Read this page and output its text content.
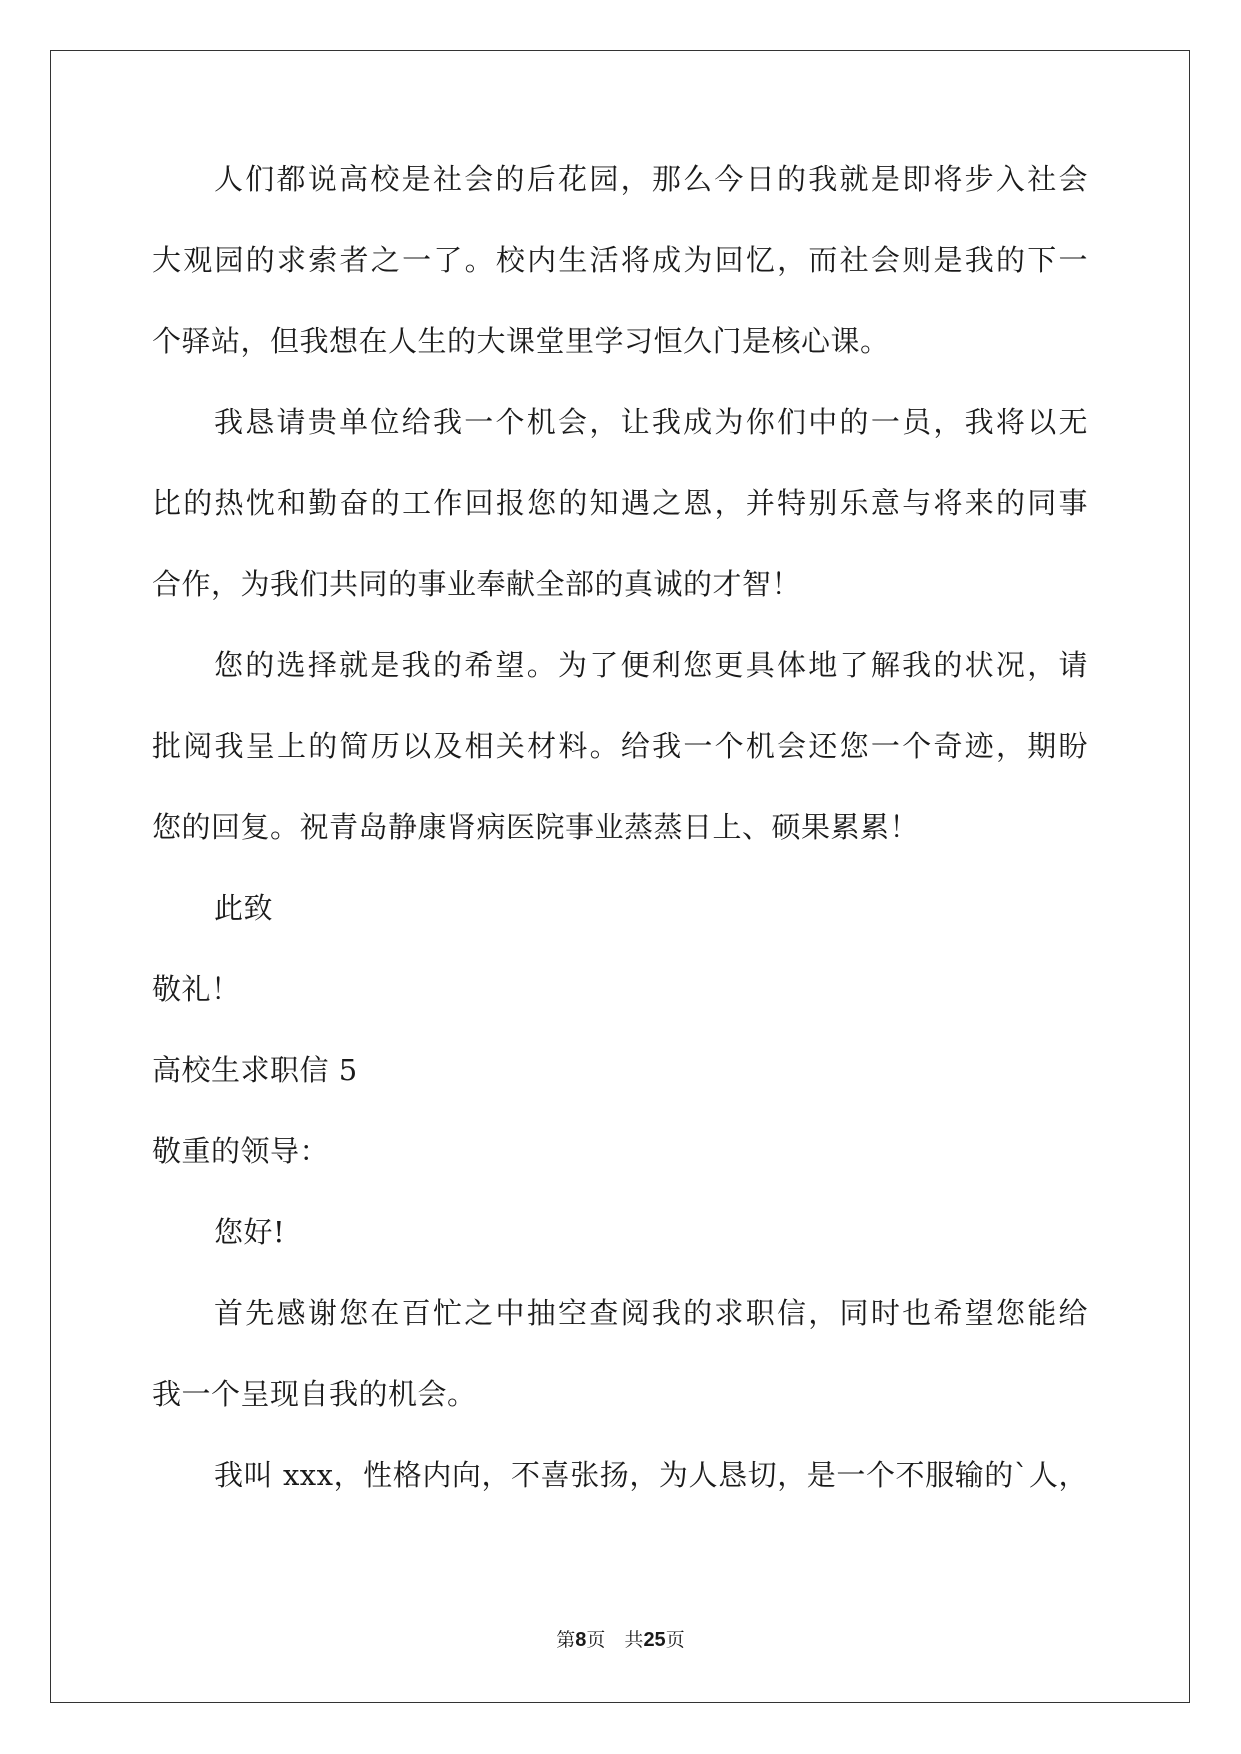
人们都说高校是社会的后花园，那么今日的我就是即将步入社会
大观园的求索者之一了。校内生活将成为回忆，而社会则是我的下一
个驿站，但我想在人生的大课堂里学习恒久门是核心课。
我恳请贵单位给我一个机会，让我成为你们中的一员，我将以无
比的热忱和勤奋的工作回报您的知遇之恩，并特别乐意与将来的同事
合作，为我们共同的事业奉献全部的真诚的才智！
您的选择就是我的希望。为了便利您更具体地了解我的状况，请
批阅我呈上的简历以及相关材料。给我一个机会还您一个奇迹，期盼
您的回复。祝青岛静康肾病医院事业蒸蒸日上、硕果累累！
此致
敬礼！
高校生求职信 5
敬重的领导：
您好!
首先感谢您在百忙之中抽空查阅我的求职信，同时也希望您能给
我一个呈现自我的机会。
我叫 xxx，性格内向，不喜张扬，为人恳切，是一个不服输的`人，
第8页　共25页
